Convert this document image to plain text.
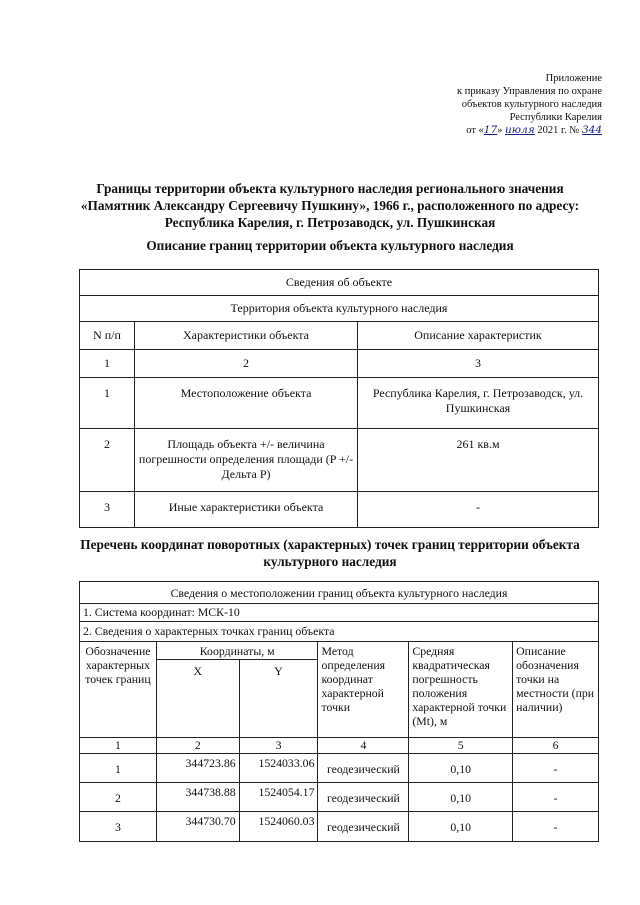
Приложение
к приказу Управления по охране
объектов культурного наследия
Республики Карелия
от «17» июля 2021 г. № 344
Границы территории объекта культурного наследия регионального значения «Памятник Александру Сергеевичу Пушкину», 1966 г., расположенного по адресу: Республика Карелия, г. Петрозаводск, ул. Пушкинская
Описание границ территории объекта культурного наследия
Сведения об объекте		
Территория объекта культурного наследия		
N п/п	Характеристики объекта	Описание характеристик
1	2	3
1	Местоположение объекта	Республика Карелия, г. Петрозаводск, ул. Пушкинская
2	Площадь объекта +/- величина погрешности определения площади (P +/- Дельта P)	261 кв.м
3	Иные характеристики объекта	-
Перечень координат поворотных (характерных) точек границ территории объекта культурного наследия
Сведения о местоположении границ объекта культурного наследия					
1. Система координат: МСК-10					
2. Сведения о характерных точках границ объекта					
Обозначение характерных точек границ	Координаты, м		Метод определения координат характерной точки	Средняя квадратическая погрешность положения характерной точки (Mt), м	Описание обозначения точки на местности (при наличии)
	X	Y			
1	2	3	4	5	6
1	344723.86	1524033.06	геодезический	0,10	-
2	344738.88	1524054.17	геодезический	0,10	-
3	344730.70	1524060.03	геодезический	0,10	-
